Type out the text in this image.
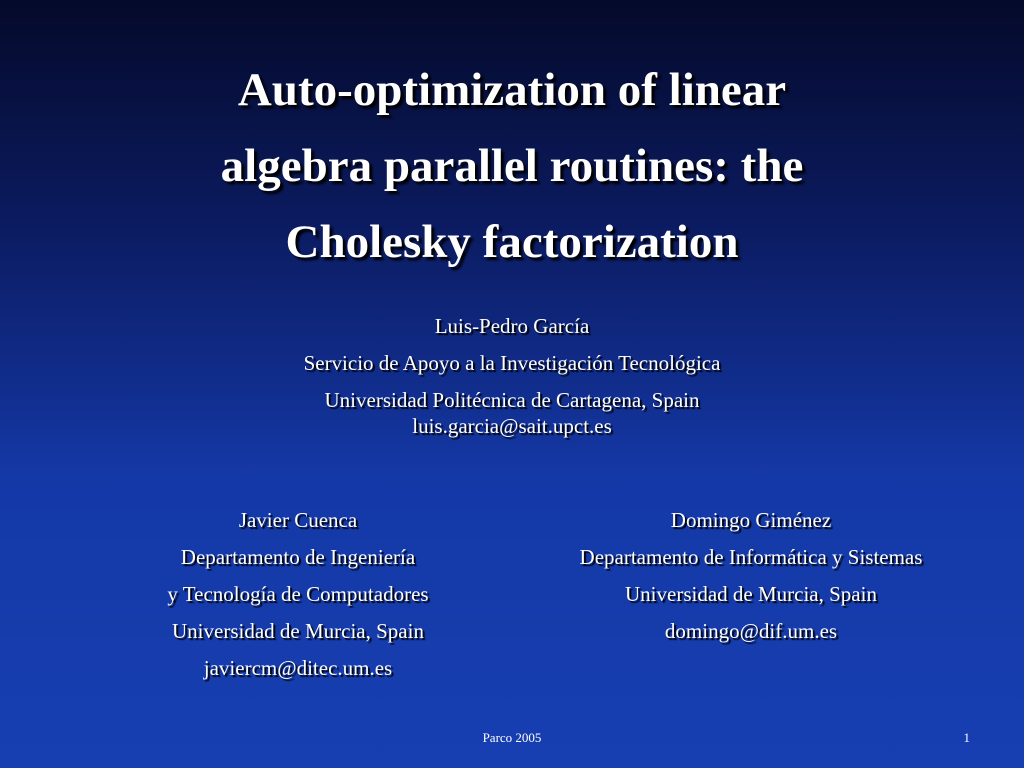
Auto-optimization of linear
algebra parallel routines: the
Cholesky factorization
Luis-Pedro García
Servicio de Apoyo a la Investigación Tecnológica
Universidad Politécnica de Cartagena, Spain
luis.garcia@sait.upct.es
Javier Cuenca
Departamento de Ingeniería
y Tecnología de Computadores
Universidad de Murcia, Spain
javiercm@ditec.um.es
Domingo Giménez
Departamento de Informática y Sistemas
Universidad de Murcia, Spain
domingo@dif.um.es
Parco 2005	1
